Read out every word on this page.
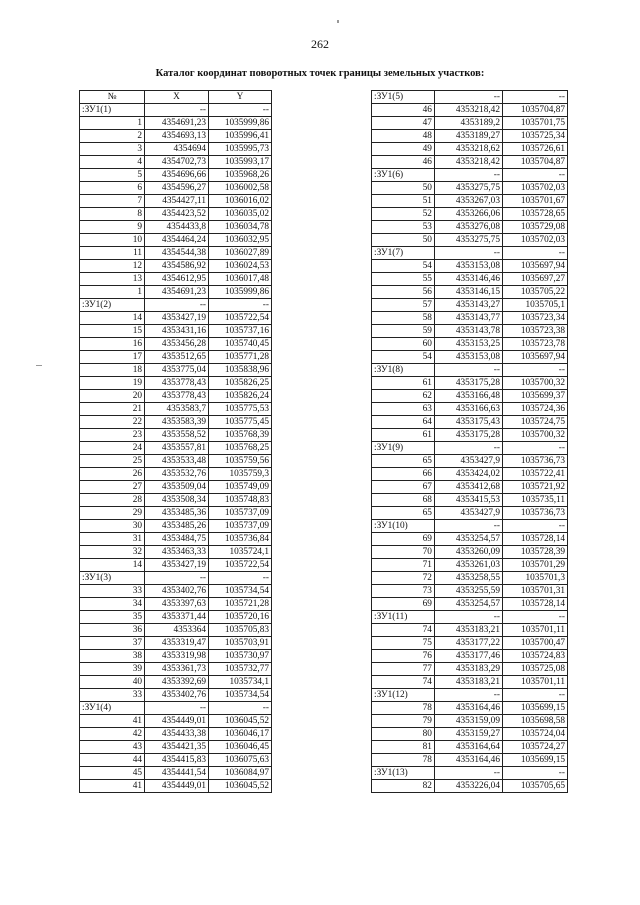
262
Каталог координат поворотных точек границы земельных участков:
№	X	Y
:ЗУ1(1)	--	--
1	4354691,23	1035999,86
2	4354693,13	1035996,41
3	4354694	1035995,73
4	4354702,73	1035993,17
5	4354696,66	1035968,26
6	4354596,27	1036002,58
7	4354427,11	1036016,02
8	4354423,52	1036035,02
9	4354433,8	1036034,78
10	4354464,24	1036032,95
11	4354544,38	1036027,89
12	4354586,92	1036024,53
13	4354612,95	1036017,48
1	4354691,23	1035999,86
:ЗУ1(2)	--	--
14	4353427,19	1035722,54
15	4353431,16	1035737,16
16	4353456,28	1035740,45
17	4353512,65	1035771,28
18	4353775,04	1035838,96
19	4353778,43	1035826,25
20	4353778,43	1035826,24
21	4353583,7	1035775,53
22	4353583,39	1035775,45
23	4353558,52	1035768,39
24	4353557,81	1035768,25
25	4353533,48	1035759,56
26	4353532,76	1035759,3
27	4353509,04	1035749,09
28	4353508,34	1035748,83
29	4353485,36	1035737,09
30	4353485,26	1035737,09
31	4353484,75	1035736,84
32	4353463,33	1035724,1
14	4353427,19	1035722,54
:ЗУ1(3)	--	--
33	4353402,76	1035734,54
34	4353397,63	1035721,28
35	4353371,44	1035720,16
36	4353364	1035705,83
37	4353319,47	1035703,91
38	4353319,98	1035730,97
39	4353361,73	1035732,77
40	4353392,69	1035734,1
33	4353402,76	1035734,54
:ЗУ1(4)	--	--
41	4354449,01	1036045,52
42	4354433,38	1036046,17
43	4354421,35	1036046,45
44	4354415,83	1036075,63
45	4354441,54	1036084,97
41	4354449,01	1036045,52
:ЗУ1(5)	--	--
46	4353218,42	1035704,87
47	4353189,2	1035701,75
48	4353189,27	1035725,34
49	4353218,62	1035726,61
46	4353218,42	1035704,87
:ЗУ1(6)	--	--
50	4353275,75	1035702,03
51	4353267,03	1035701,67
52	4353266,06	1035728,65
53	4353276,08	1035729,08
50	4353275,75	1035702,03
:ЗУ1(7)	--	--
54	4353153,08	1035697,94
55	4353146,46	1035697,27
56	4353146,15	1035705,22
57	4353143,27	1035705,1
58	4353143,77	1035723,34
59	4353143,78	1035723,38
60	4353153,25	1035723,78
54	4353153,08	1035697,94
:ЗУ1(8)	--	--
61	4353175,28	1035700,32
62	4353166,48	1035699,37
63	4353166,63	1035724,36
64	4353175,43	1035724,75
61	4353175,28	1035700,32
:ЗУ1(9)	--	--
65	4353427,9	1035736,73
66	4353424,02	1035722,41
67	4353412,68	1035721,92
68	4353415,53	1035735,11
65	4353427,9	1035736,73
:ЗУ1(10)	--	--
69	4353254,57	1035728,14
70	4353260,09	1035728,39
71	4353261,03	1035701,29
72	4353258,55	1035701,3
73	4353255,59	1035701,31
69	4353254,57	1035728,14
:ЗУ1(11)	--	--
74	4353183,21	1035701,11
75	4353177,22	1035700,47
76	4353177,46	1035724,83
77	4353183,29	1035725,08
74	4353183,21	1035701,11
:ЗУ1(12)	--	--
78	4353164,46	1035699,15
79	4353159,09	1035698,58
80	4353159,27	1035724,04
81	4353164,64	1035724,27
78	4353164,46	1035699,15
:ЗУ1(13)	--	--
82	4353226,04	1035705,65
